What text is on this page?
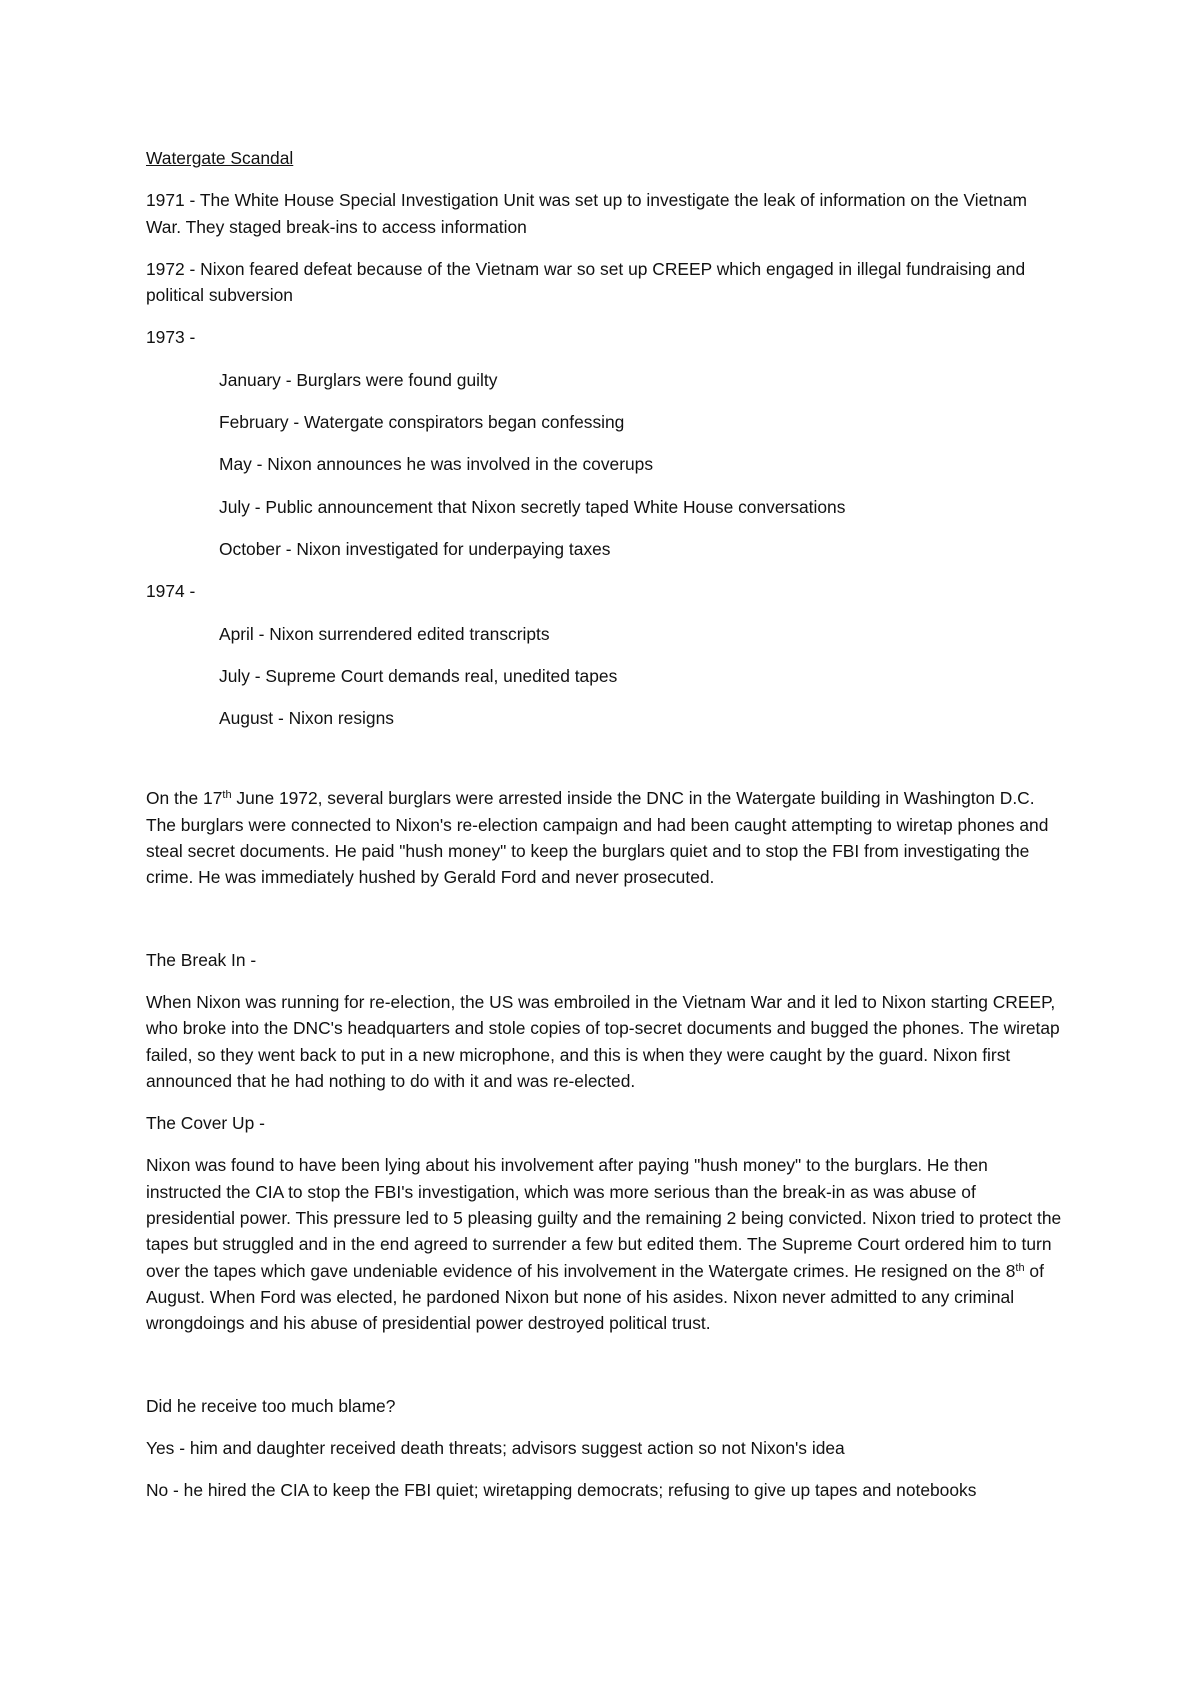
Watergate Scandal

1971 - The White House Special Investigation Unit was set up to investigate the leak of information on the Vietnam War. They staged break-ins to access information

1972 - Nixon feared defeat because of the Vietnam war so set up CREEP which engaged in illegal fundraising and political subversion

1973 -

January - Burglars were found guilty

February - Watergate conspirators began confessing

May - Nixon announces he was involved in the coverups

July - Public announcement that Nixon secretly taped White House conversations

October - Nixon investigated for underpaying taxes

1974 -

April - Nixon surrendered edited transcripts

July - Supreme Court demands real, unedited tapes

August - Nixon resigns

On the 17th June 1972, several burglars were arrested inside the DNC in the Watergate building in Washington D.C. The burglars were connected to Nixon's re-election campaign and had been caught attempting to wiretap phones and steal secret documents. He paid "hush money" to keep the burglars quiet and to stop the FBI from investigating the crime. He was immediately hushed by Gerald Ford and never prosecuted.

The Break In -

When Nixon was running for re-election, the US was embroiled in the Vietnam War and it led to Nixon starting CREEP, who broke into the DNC's headquarters and stole copies of top-secret documents and bugged the phones. The wiretap failed, so they went back to put in a new microphone, and this is when they were caught by the guard. Nixon first announced that he had nothing to do with it and was re-elected.

The Cover Up -

Nixon was found to have been lying about his involvement after paying "hush money" to the burglars. He then instructed the CIA to stop the FBI's investigation, which was more serious than the break-in as was abuse of presidential power. This pressure led to 5 pleasing guilty and the remaining 2 being convicted. Nixon tried to protect the tapes but struggled and in the end agreed to surrender a few but edited them. The Supreme Court ordered him to turn over the tapes which gave undeniable evidence of his involvement in the Watergate crimes. He resigned on the 8th of August. When Ford was elected, he pardoned Nixon but none of his asides. Nixon never admitted to any criminal wrongdoings and his abuse of presidential power destroyed political trust.

Did he receive too much blame?

Yes - him and daughter received death threats; advisors suggest action so not Nixon's idea

No - he hired the CIA to keep the FBI quiet; wiretapping democrats; refusing to give up tapes and notebooks
